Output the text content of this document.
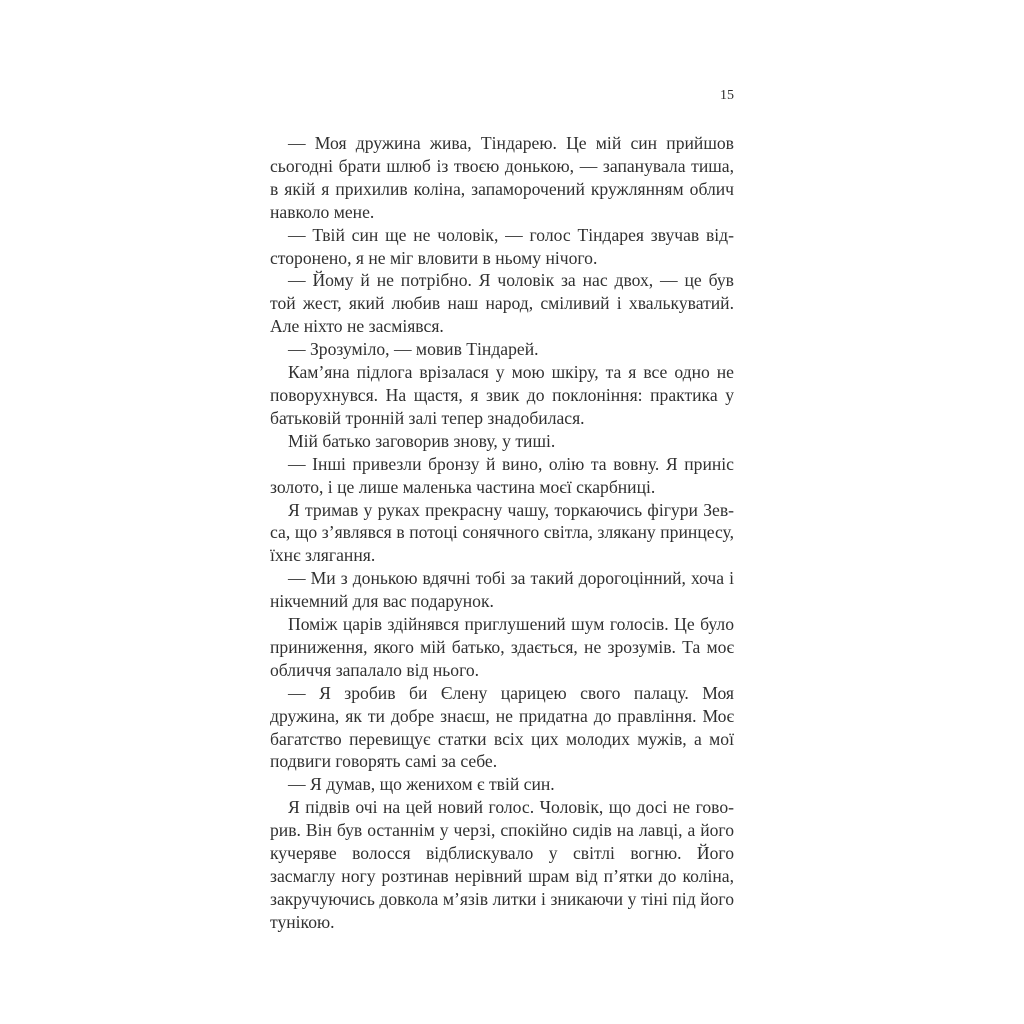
15

— Моя дружина жива, Тіндарею. Це мій син прийшов сьогодні брати шлюб із твоєю донькою, — запанувала тиша, в якій я прихилив коліна, запаморочений кружлянням облич навколо мене.

— Твій син ще не чоловік, — голос Тіндарея звучав відсторонено, я не міг вловити в ньому нічого.

— Йому й не потрібно. Я чоловік за нас двох, — це був той жест, який любив наш народ, сміливий і хвалькуватий. Але ніхто не засміявся.

— Зрозуміло, — мовив Тіндарей.

Кам’яна підлога врізалася у мою шкіру, та я все одно не поворухнувся. На щастя, я звик до поклоніння: практика у батьковій тронній залі тепер знадобилася.

Мій батько заговорив знову, у тиші.

— Інші привезли бронзу й вино, олію та вовну. Я приніс золото, і це лише маленька частина моєї скарбниці.

Я тримав у руках прекрасну чашу, торкаючись фігури Зевса, що з’являвся в потоці сонячного світла, злякану принцесу, їхнє злягання.

— Ми з донькою вдячні тобі за такий дорогоцінний, хоча і нікчемний для вас подарунок.

Поміж царів здійнявся приглушений шум голосів. Це було приниження, якого мій батько, здається, не зрозумів. Та моє обличчя запалало від нього.

— Я зробив би Єлену царицею свого палацу. Моя дружина, як ти добре знаєш, не придатна до правління. Моє багатство перевищує статки всіх цих молодих мужів, а мої подвиги говорять самі за себе.

— Я думав, що женихом є твій син.

Я підвів очі на цей новий голос. Чоловік, що досі не говорив. Він був останнім у черзі, спокійно сидів на лавці, а його кучеряве волосся відблискувало у світлі вогню. Його засмаглу ногу розтинав нерівний шрам від п’ятки до коліна, закручуючись довкола м’язів литки і зникаючи у тіні під його тунікою.
